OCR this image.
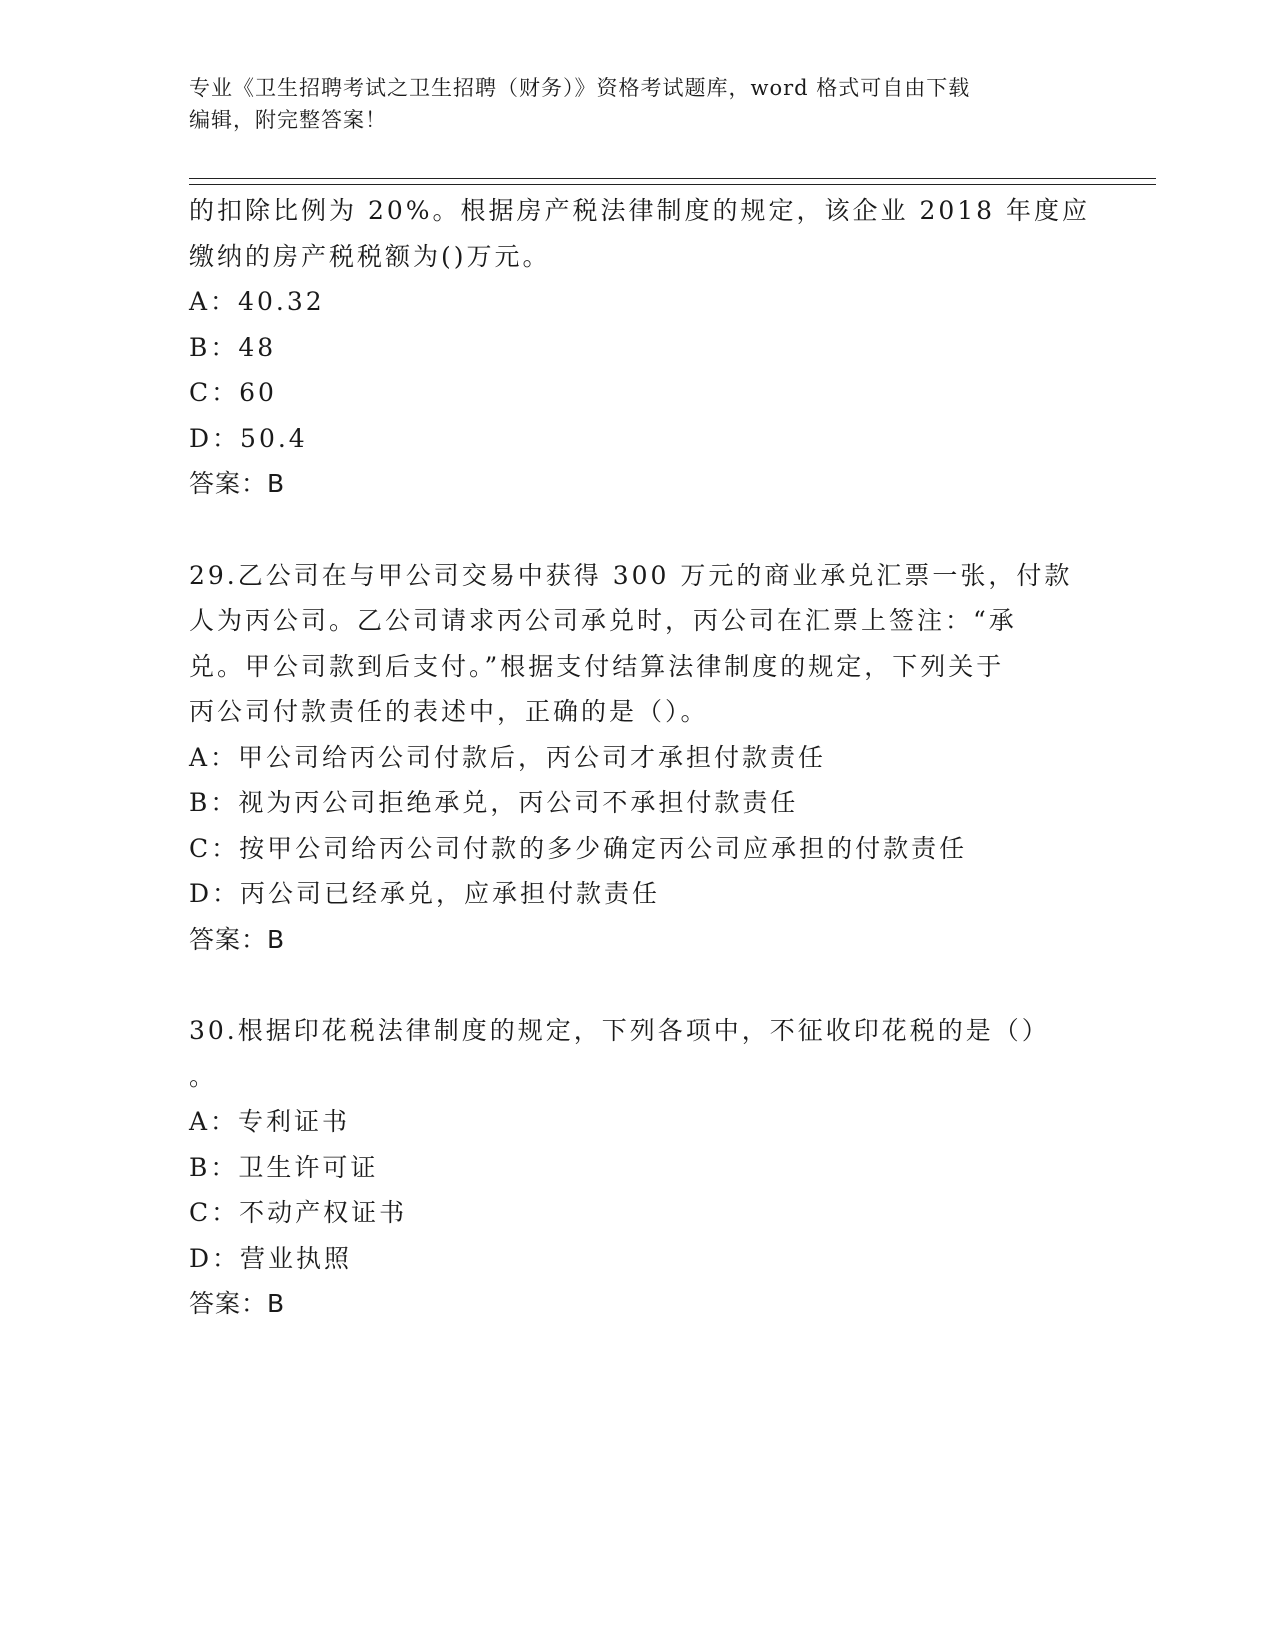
专业《卫生招聘考试之卫生招聘（财务）》资格考试题库，word 格式可自由下载
编辑，附完整答案！
的扣除比例为 20%。根据房产税法律制度的规定，该企业 2018 年度应
缴纳的房产税税额为()万元。
A：40.32
B：48
C：60
D：50.4
答案：B
29.乙公司在与甲公司交易中获得 300 万元的商业承兑汇票一张，付款
人为丙公司。乙公司请求丙公司承兑时，丙公司在汇票上签注：“承
兑。甲公司款到后支付。”根据支付结算法律制度的规定，下列关于
丙公司付款责任的表述中，正确的是（）。
A：甲公司给丙公司付款后，丙公司才承担付款责任
B：视为丙公司拒绝承兑，丙公司不承担付款责任
C：按甲公司给丙公司付款的多少确定丙公司应承担的付款责任
D：丙公司已经承兑，应承担付款责任
答案：B
30.根据印花税法律制度的规定，下列各项中，不征收印花税的是（）
。
A：专利证书
B：卫生许可证
C：不动产权证书
D：营业执照
答案：B
